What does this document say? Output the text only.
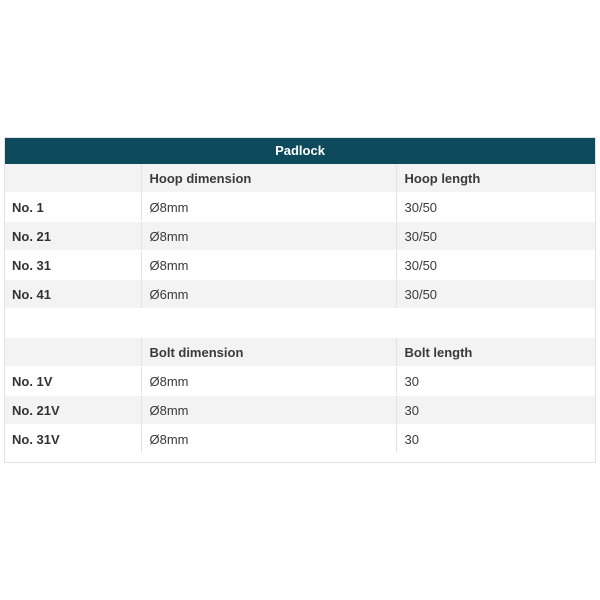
Padlock		
	Hoop dimension	Hoop length
No. 1	Ø8mm	30/50
No. 21	Ø8mm	30/50
No. 31	Ø8mm	30/50
No. 41	Ø6mm	30/50

	Bolt dimension	Bolt length
No. 1V	Ø8mm	30
No. 21V	Ø8mm	30
No. 31V	Ø8mm	30
